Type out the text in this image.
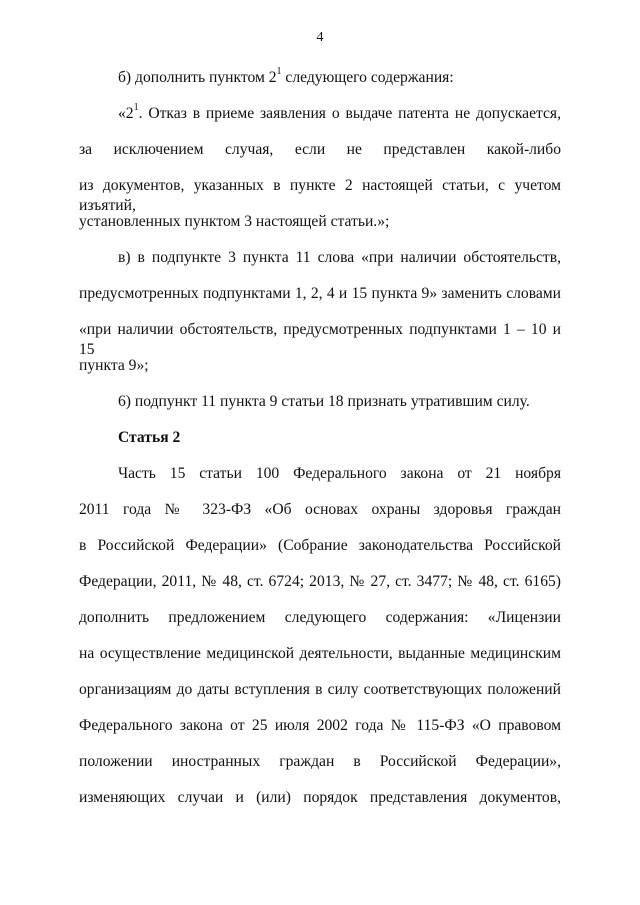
4
б) дополнить пунктом $2^1$ следующего содержания:
«$2^1$. Отказ в приеме заявления о выдаче патента не допускается,
за исключением случая, если не представлен какой-либо
из документов, указанных в пункте 2 настоящей статьи, с учетом изъятий,
установленных пунктом 3 настоящей статьи.»;
в) в подпункте 3 пункта 11 слова «при наличии обстоятельств,
предусмотренных подпунктами 1, 2, 4 и 15 пункта 9» заменить словами
«при наличии обстоятельств, предусмотренных подпунктами 1 – 10 и 15
пункта 9»;
6) подпункт 11 пункта 9 статьи 18 признать утратившим силу.
Статья 2
Часть 15 статьи 100 Федерального закона от 21 ноября
2011 года № 323-ФЗ «Об основах охраны здоровья граждан
в Российской Федерации» (Собрание законодательства Российской
Федерации, 2011, № 48, ст. 6724; 2013, № 27, ст. 3477; № 48, ст. 6165)
дополнить предложением следующего содержания: «Лицензии
на осуществление медицинской деятельности, выданные медицинским
организациям до даты вступления в силу соответствующих положений
Федерального закона от 25 июля 2002 года № 115-ФЗ «О правовом
положении иностранных граждан в Российской Федерации»,
изменяющих случаи и (или) порядок представления документов,
